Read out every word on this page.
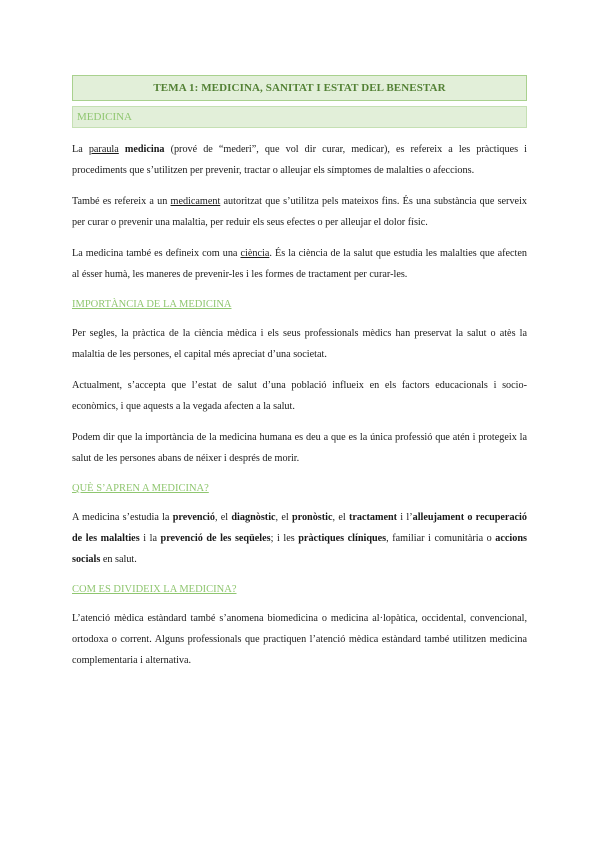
TEMA 1: MEDICINA, SANITAT I ESTAT DEL BENESTAR
MEDICINA

La paraula medicina (prové de “mederi”, que vol dir curar, medicar), es refereix a les pràctiques i procediments que s’utilitzen per prevenir, tractar o alleujar els símptomes de malalties o afeccions.

També es refereix a un medicament autoritzat que s’utilitza pels mateixos fins. És una substància que serveix per curar o prevenir una malaltia, per reduir els seus efectes o per alleujar el dolor físic.

La medicina també es defineix com una ciència. És la ciència de la salut que estudia les malalties que afecten al ésser humà, les maneres de prevenir-les i les formes de tractament per curar-les.

IMPORTÀNCIA DE LA MEDICINA

Per segles, la pràctica de la ciència mèdica i els seus professionals mèdics han preservat la salut o atès la malaltia de les persones, el capital més apreciat d’una societat.

Actualment, s’accepta que l’estat de salut d’una població influeix en els factors educacionals i socio-econòmics, i que aquests a la vegada afecten a la salut.

Podem dir que la importància de la medicina humana es deu a que es la única professió que atén i protegeix la salut de les persones abans de néixer i després de morir.

QUÈ S’APREN A MEDICINA?

A medicina s’estudia la prevenció, el diagnòstic, el pronòstic, el tractament i l’alleujament o recuperació de les malalties i la prevenció de les seqüeles; i les pràctiques clíniques, familiar i comunitària o accions socials en salut.

COM ES DIVIDEIX LA MEDICINA?

L’atenció mèdica estàndard també s’anomena biomedicina o medicina al·lopàtica, occidental, convencional, ortodoxa o corrent. Alguns professionals que practiquen l’atenció mèdica estàndard també utilitzen medicina complementaria i alternativa.
